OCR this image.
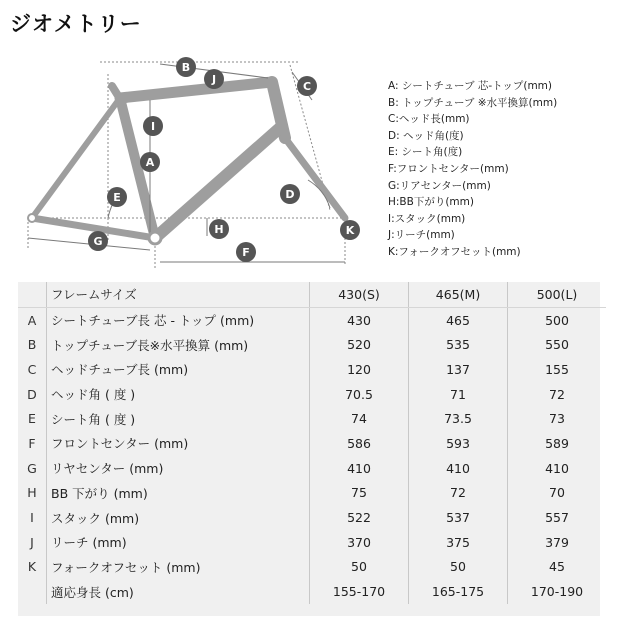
ジオメトリー
B
J
C
I
A
E	D
H	K
G
F
A: シートチューブ 芯-トップ(mm)
B: トップチューブ ※水平換算(mm)
C:ヘッド長(mm)
D: ヘッド角(度)
E: シート角(度)
F:フロントセンター(mm)
G:リアセンター(mm)
H:BB下がり(mm)
I:スタック(mm)
J:リーチ(mm)
K:フォークオフセット(mm)
	フレームサイズ	430(S)	465(M)	500(L)
A	シートチューブ長 芯 - トップ (mm)	430	465	500
B	トップチューブ長※水平換算 (mm)	520	535	550
C	ヘッドチューブ長 (mm)	120	137	155
D	ヘッド角 ( 度 )	70.5	71	72
E	シート角 ( 度 )	74	73.5	73
F	フロントセンター (mm)	586	593	589
G	リヤセンター (mm)	410	410	410
H	BB 下がり (mm)	75	72	70
I	スタック (mm)	522	537	557
J	リーチ (mm)	370	375	379
K	フォークオフセット (mm)	50	50	45
	適応身長 (cm)	155-170	165-175	170-190
